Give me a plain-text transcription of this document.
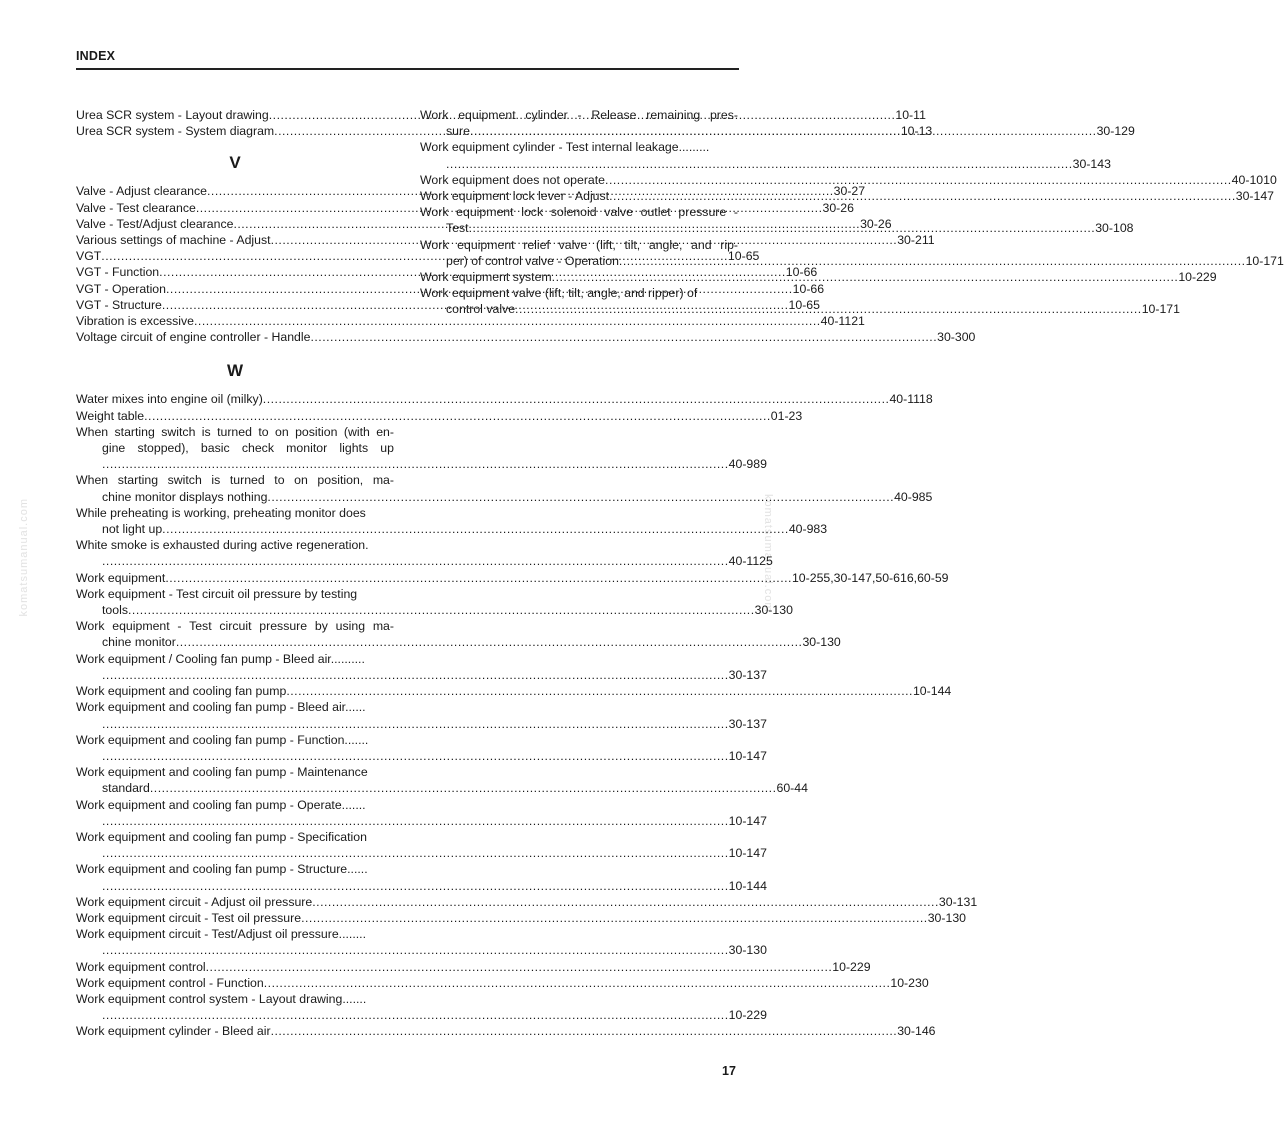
INDEX
komatsumanual.com	komatsumanual.com
Urea SCR system - Layout drawing .....	10-11
Urea SCR system - System diagram .....	10-13
V
Valve - Adjust clearance .....	30-27
Valve - Test clearance .....	30-26
Valve - Test/Adjust clearance .....	30-26
Various settings of machine - Adjust .....	30-211
VGT .....	10-65
VGT - Function .....	10-66
VGT - Operation .....	10-66
VGT - Structure .....	10-65
Vibration is excessive .....	40-1121
Voltage circuit of engine controller - Handle .....	30-300
W
Water mixes into engine oil (milky) .....	40-1118
Weight table .....	01-23
When starting switch is turned to on position (with en-
gine stopped), basic check monitor lights up
.....40-989
When starting switch is turned to on position, ma-
chine monitor displays nothing .....	40-985
While preheating is working, preheating monitor does
not light up .....	40-983
White smoke is exhausted during active regeneration.
.....40-1125
Work equipment .....	10-255,30-147,50-616,60-59
Work equipment - Test circuit oil pressure by testing
tools .....	30-130
Work equipment - Test circuit pressure by using ma-
chine monitor .....	30-130
Work equipment / Cooling fan pump - Bleed air..........
.....30-137
Work equipment and cooling fan pump .....	10-144
Work equipment and cooling fan pump - Bleed air......
.....30-137
Work equipment and cooling fan pump - Function.......
.....10-147
Work equipment and cooling fan pump - Maintenance
standard .....	60-44
Work equipment and cooling fan pump - Operate.......
.....10-147
Work equipment and cooling fan pump - Specification
.....10-147
Work equipment and cooling fan pump - Structure......
.....10-144
Work equipment circuit - Adjust oil pressure .....	30-131
Work equipment circuit - Test oil pressure .....	30-130
Work equipment circuit - Test/Adjust oil pressure........
.....30-130
Work equipment control .....	10-229
Work equipment control - Function .....	10-230
Work equipment control system - Layout drawing.......
.....10-229
Work equipment cylinder - Bleed air .....	30-146
Work equipment cylinder - Release remaining pres-
sure .....	30-129
Work equipment cylinder - Test internal leakage.........
.....30-143
Work equipment does not operate .....	40-1010
Work equipment lock lever - Adjust .....	30-147
Work equipment lock solenoid valve outlet pressure -
Test .....	30-108
Work equipment relief valve (lift, tilt, angle, and rip-
per) of control valve - Operation .....	10-171
Work equipment system .....	10-229
Work equipment valve (lift, tilt, angle, and ripper) of
control valve .....	10-171
17
